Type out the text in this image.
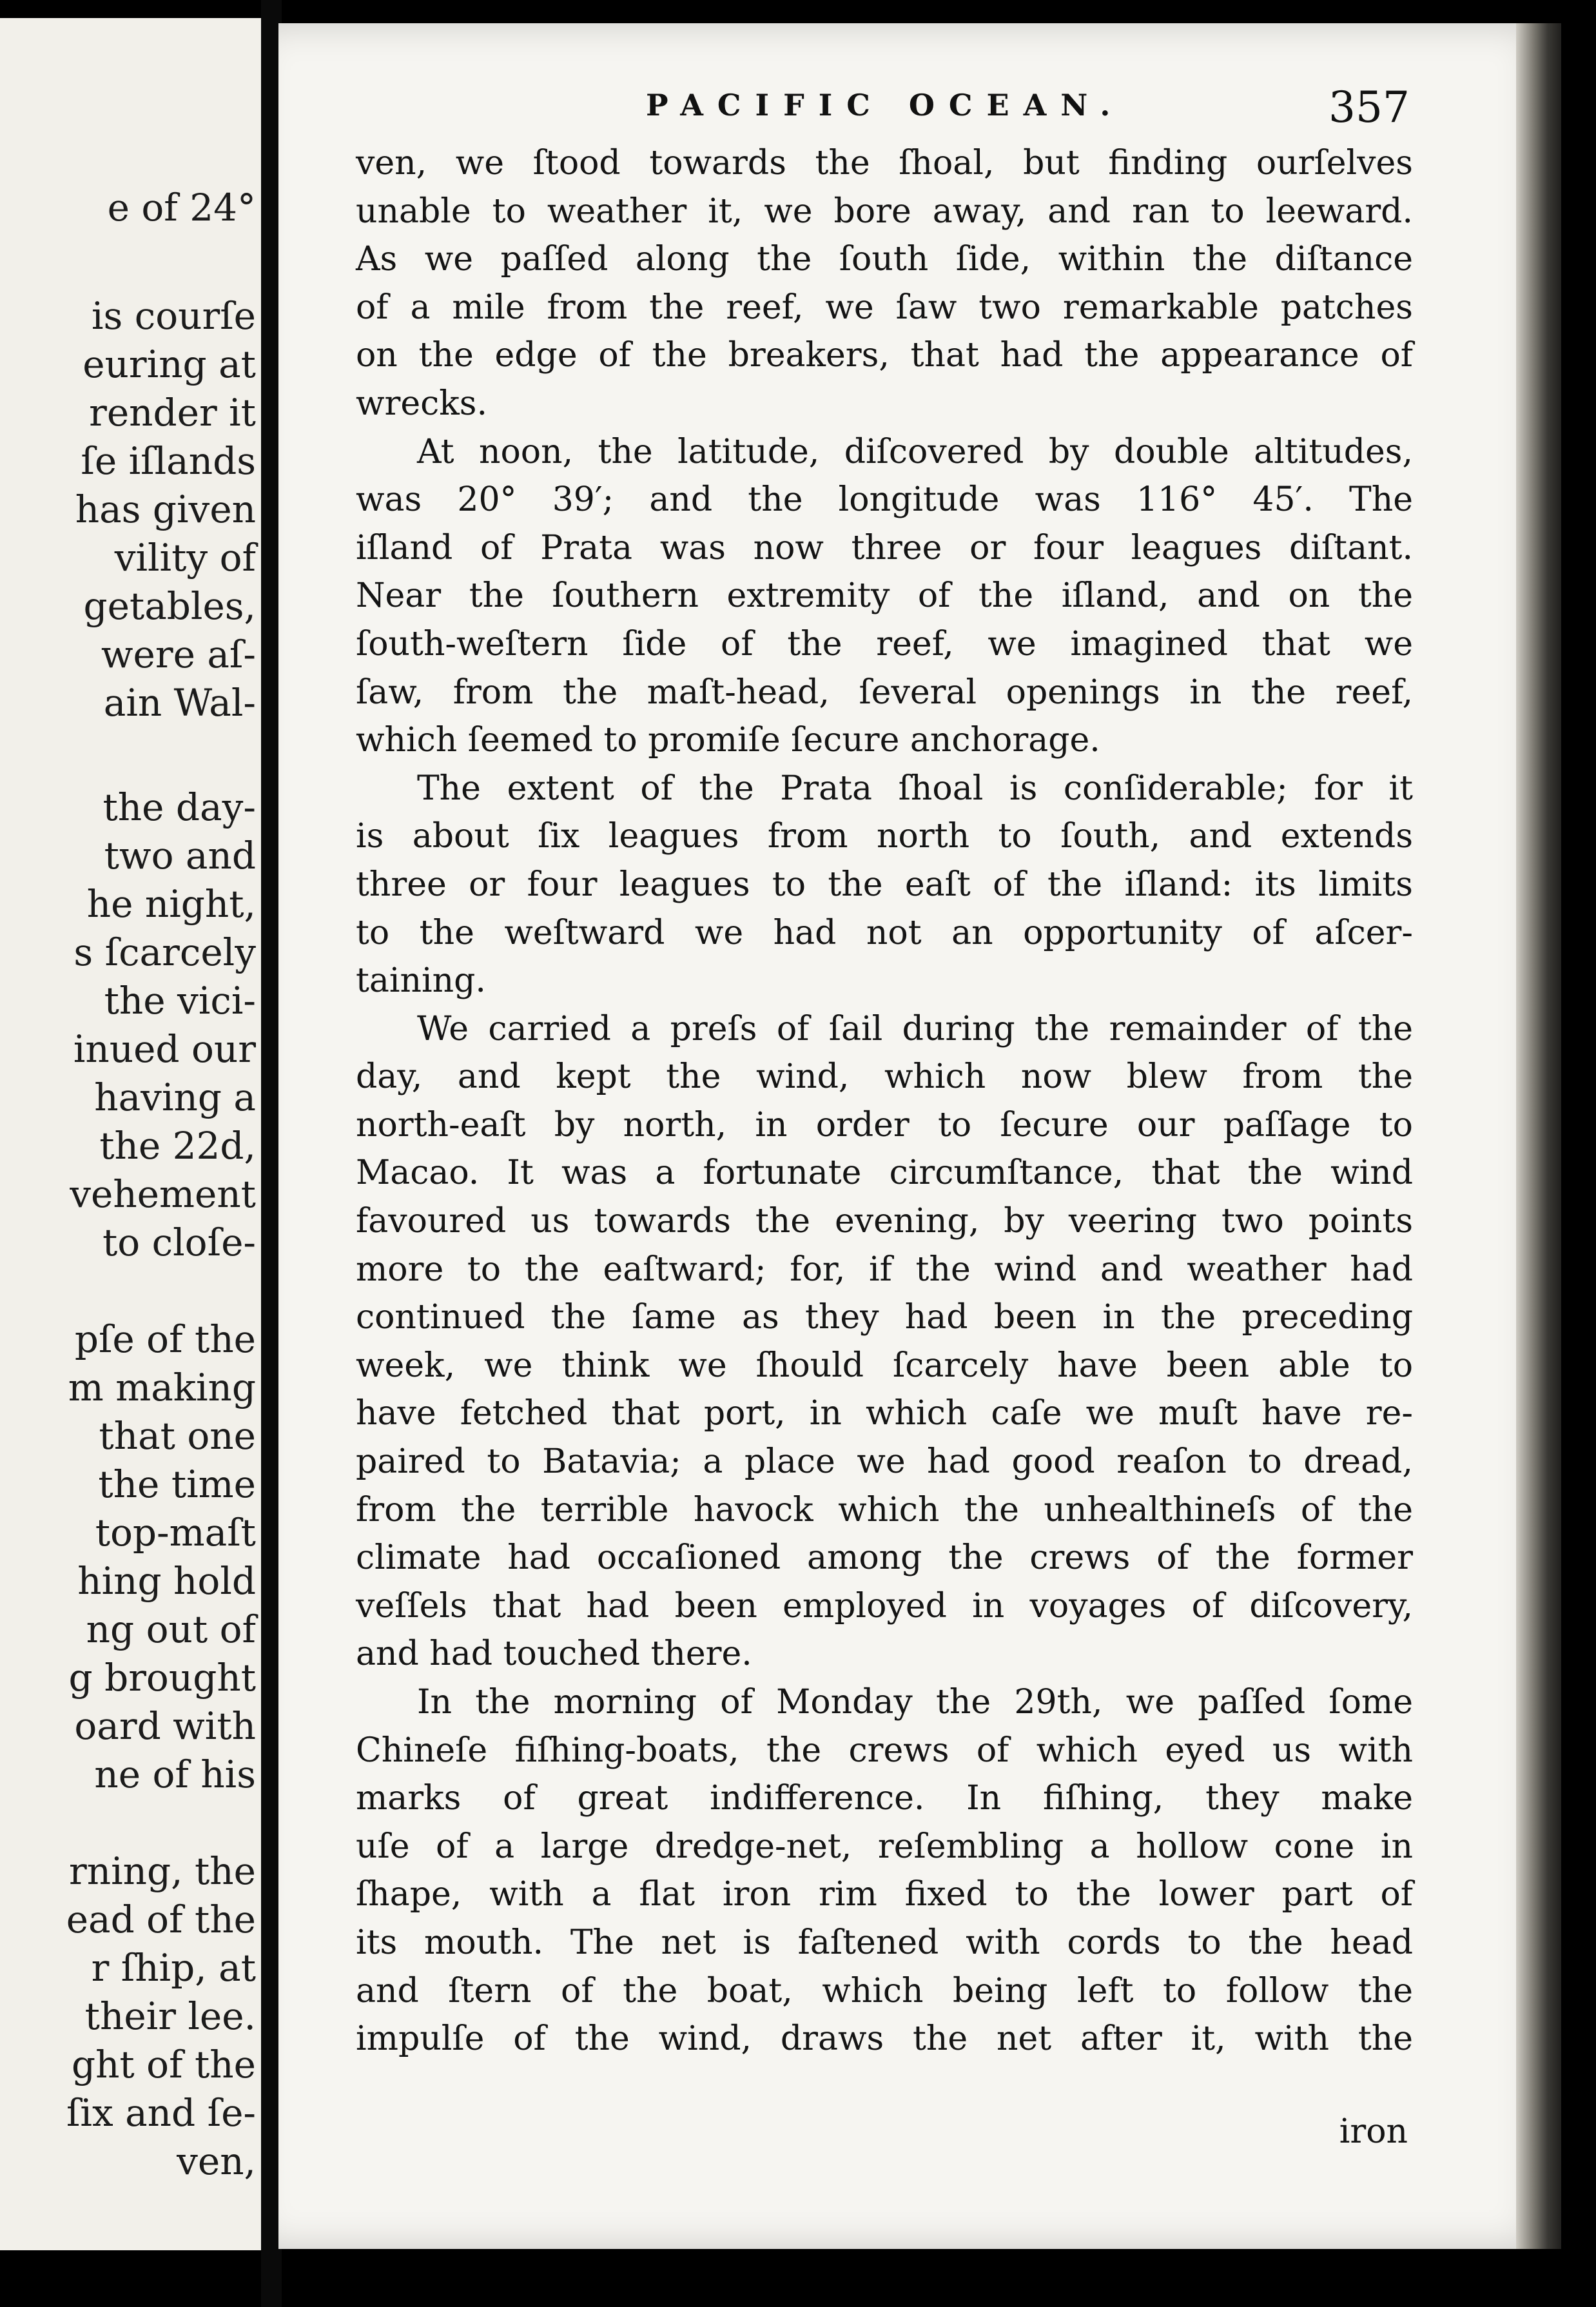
e of 24°
is courſe
euring at
render it
ſe iſlands
has given
vility of
getables,
were aſ-
ain Wal-
the day-
two and
he night,
s ſcarcely
the vici-
inued our
having a
the 22d,
vehement
to cloſe-
pſe of the
m making
that one
the time
top-maſt
hing hold
ng out of
g brought
oard with
ne of his
rning, the
ead of the
r ſhip, at
their lee.
ght of the
ſix and ſe-
ven,
PACIFIC OCEAN.	357
ven, we ſtood towards the ſhoal, but finding ourſelves
unable to weather it, we bore away, and ran to leeward.
As we paſſed along the ſouth ſide, within the diſtance
of a mile from the reef, we ſaw two remarkable patches
on the edge of the breakers, that had the appearance of
wrecks.
At noon, the latitude, diſcovered by double altitudes,
was 20° 39′; and the longitude was 116° 45′. The
iſland of Prata was now three or four leagues diſtant.
Near the ſouthern extremity of the iſland, and on the
ſouth-weſtern ſide of the reef, we imagined that we
ſaw, from the maſt-head, ſeveral openings in the reef,
which ſeemed to promiſe ſecure anchorage.
The extent of the Prata ſhoal is conſiderable; for it
is about ſix leagues from north to ſouth, and extends
three or four leagues to the eaſt of the iſland: its limits
to the weſtward we had not an opportunity of aſcer-
taining.
We carried a preſs of ſail during the remainder of the
day, and kept the wind, which now blew from the
north-eaſt by north, in order to ſecure our paſſage to
Macao. It was a fortunate circumſtance, that the wind
favoured us towards the evening, by veering two points
more to the eaſtward; for, if the wind and weather had
continued the ſame as they had been in the preceding
week, we think we ſhould ſcarcely have been able to
have fetched that port, in which caſe we muſt have re-
paired to Batavia; a place we had good reaſon to dread,
from the terrible havock which the unhealthineſs of the
climate had occaſioned among the crews of the former
veſſels that had been employed in voyages of diſcovery,
and had touched there.
In the morning of Monday the 29th, we paſſed ſome
Chineſe fiſhing-boats, the crews of which eyed us with
marks of great indifference. In fiſhing, they make
uſe of a large dredge-net, reſembling a hollow cone in
ſhape, with a flat iron rim fixed to the lower part of
its mouth. The net is faſtened with cords to the head
and ſtern of the boat, which being left to follow the
impulſe of the wind, draws the net after it, with the
iron
